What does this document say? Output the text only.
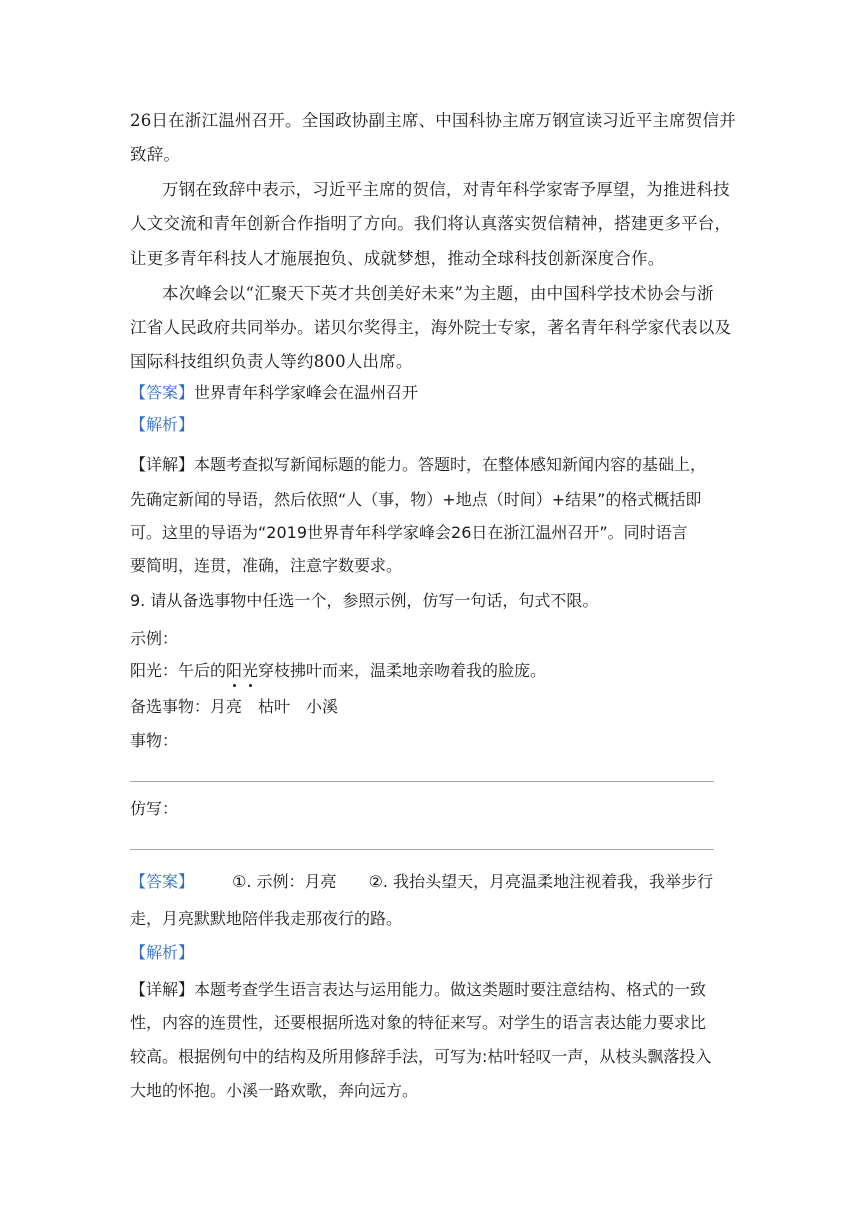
26日在浙江温州召开。全国政协副主席、中国科协主席万钢宣读习近平主席贺信并
致辞。
万钢在致辞中表示，习近平主席的贺信，对青年科学家寄予厚望，为推进科技
人文交流和青年创新合作指明了方向。我们将认真落实贺信精神，搭建更多平台，
让更多青年科技人才施展抱负、成就梦想，推动全球科技创新深度合作。
本次峰会以“汇聚天下英才共创美好未来”为主题，由中国科学技术协会与浙
江省人民政府共同举办。诺贝尔奖得主，海外院士专家，著名青年科学家代表以及
国际科技组织负责人等约800人出席。
【答案】世界青年科学家峰会在温州召开
【解析】
【详解】本题考查拟写新闻标题的能力。答题时，在整体感知新闻内容的基础上，
先确定新闻的导语，然后依照“人（事，物）+地点（时间）+结果”的格式概括即
可。这里的导语为“2019世界青年科学家峰会26日在浙江温州召开”。同时语言
要简明，连贯，准确，注意字数要求。
9. 请从备选事物中任选一个，参照示例，仿写一句话，句式不限。
示例：
阳光：午后的阳光穿枝拂叶而来，温柔地亲吻着我的脸庞。
备选事物：月亮 枯叶 小溪
事物：
仿写：
【答案】 ①. 示例：月亮 ②. 我抬头望天，月亮温柔地注视着我，我举步行
走，月亮默默地陪伴我走那夜行的路。
【解析】
【详解】本题考查学生语言表达与运用能力。做这类题时要注意结构、格式的一致
性，内容的连贯性，还要根据所选对象的特征来写。对学生的语言表达能力要求比
较高。根据例句中的结构及所用修辞手法，可写为:枯叶轻叹一声，从枝头飘落投入
大地的怀抱。小溪一路欢歌，奔向远方。
